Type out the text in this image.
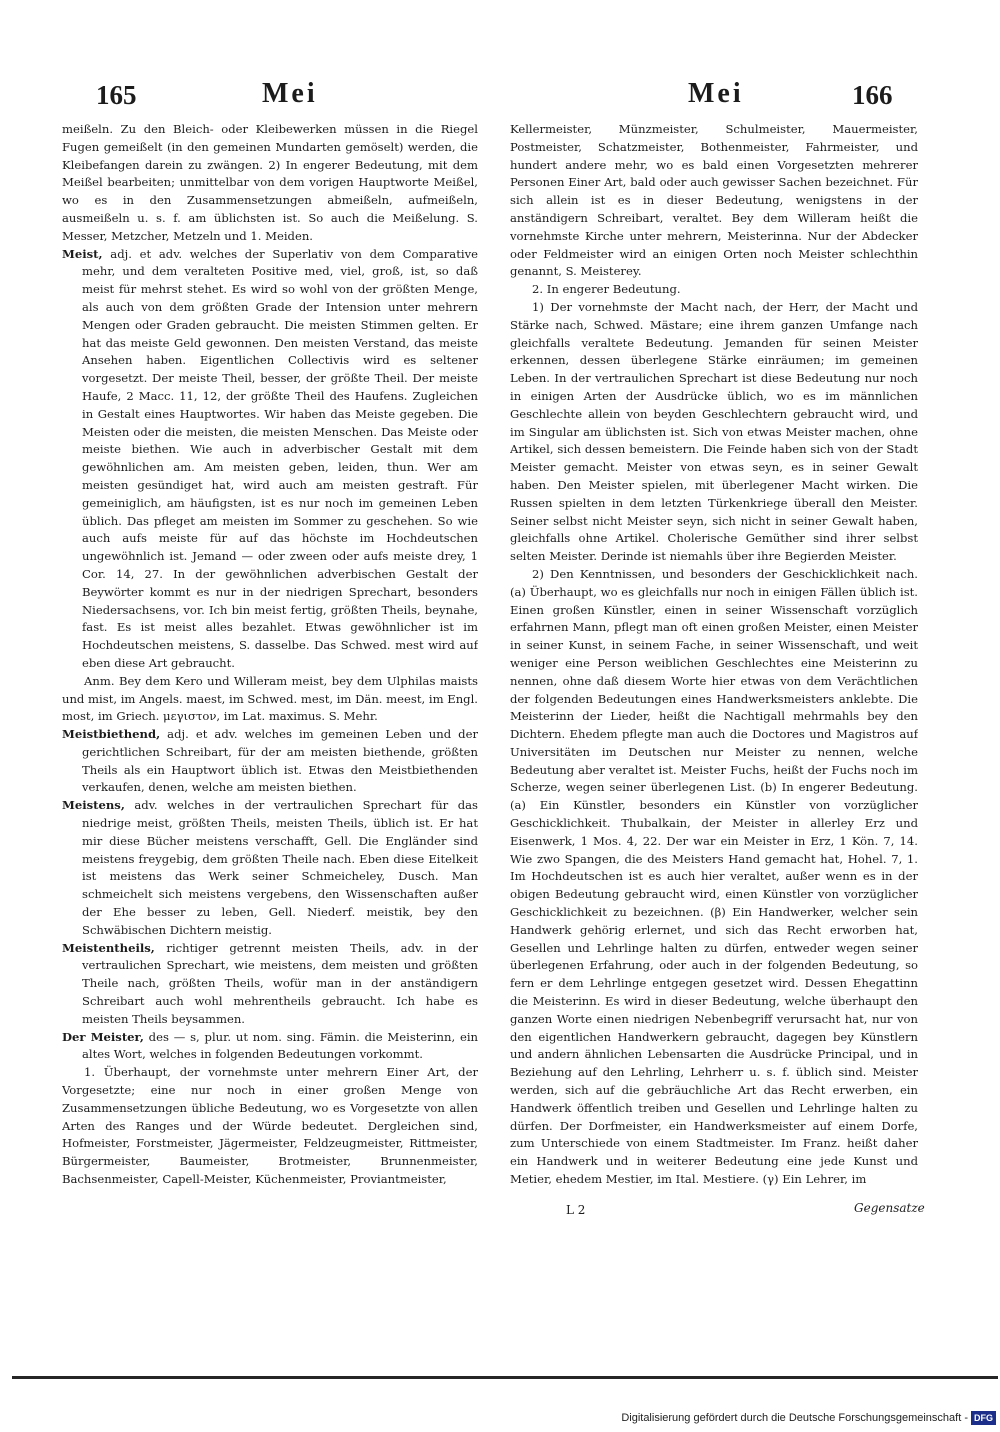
165	Mei	Mei	166

meißeln. Zu den Bleich- oder Kleibewerken müssen in die Riegel Fugen gemeißelt (in den gemeinen Mundarten gemöselt) werden, die Kleibefangen darein zu zwängen. 2) In engerer Bedeutung, mit dem Meißel bearbeiten; unmittelbar von dem vorigen Hauptworte Meißel, wo es in den Zusammensetzungen abmeißeln, aufmeißeln, ausmeißeln u. s. f. am üblichsten ist. So auch die Meißelung. S. Messer, Metzcher, Metzeln und 1. Meiden.

Meist, adj. et adv. welches der Superlativ von dem Comparative mehr, und dem veralteten Positive med, viel, groß, ist, so daß meist für mehrst stehet. Es wird so wohl von der größten Menge, als auch von dem größten Grade der Intension unter mehrern Mengen oder Graden gebraucht. Die meisten Stimmen gelten. Er hat das meiste Geld gewonnen. Den meisten Verstand, das meiste Ansehen haben. Eigentlichen Collectivis wird es seltener vorgesetzt. Der meiste Theil, besser, der größte Theil. Der meiste Haufe, 2 Macc. 11, 12, der größte Theil des Haufens. Zugleichen in Gestalt eines Hauptwortes. Wir haben das Meiste gegeben. Die Meisten oder die meisten, die meisten Menschen. Das Meiste oder meiste biethen. Wie auch in adverbischer Gestalt mit dem gewöhnlichen am. Am meisten geben, leiden, thun. Wer am meisten gesündiget hat, wird auch am meisten gestraft. Für gemeiniglich, am häufigsten, ist es nur noch im gemeinen Leben üblich. Das pfleget am meisten im Sommer zu geschehen. So wie auch aufs meiste für auf das höchste im Hochdeutschen ungewöhnlich ist. Jemand — oder zween oder aufs meiste drey, 1 Cor. 14, 27. In der gewöhnlichen adverbischen Gestalt der Beywörter kommt es nur in der niedrigen Sprechart, besonders Niedersachsens, vor. Ich bin meist fertig, größten Theils, beynahe, fast. Es ist meist alles bezahlet. Etwas gewöhnlicher ist im Hochdeutschen meistens, S. dasselbe. Das Schwed. mest wird auf eben diese Art gebraucht.

Anm. Bey dem Kero und Willeram meist, bey dem Ulphilas maists und mist, im Angels. maest, im Schwed. mest, im Dän. meest, im Engl. most, im Griech. μεγιστον, im Lat. maximus. S. Mehr.

Meistbiethend, adj. et adv. welches im gemeinen Leben und der gerichtlichen Schreibart, für der am meisten biethende, größten Theils als ein Hauptwort üblich ist. Etwas den Meistbiethenden verkaufen, denen, welche am meisten biethen.

Meistens, adv. welches in der vertraulichen Sprechart für das niedrige meist, größten Theils, meisten Theils, üblich ist. Er hat mir diese Bücher meistens verschafft, Gell. Die Engländer sind meistens freygebig, dem größten Theile nach. Eben diese Eitelkeit ist meistens das Werk seiner Schmeicheley, Dusch. Man schmeichelt sich meistens vergebens, den Wissenschaften außer der Ehe besser zu leben, Gell. Niederf. meistik, bey den Schwäbischen Dichtern meistig.

Meistentheils, richtiger getrennt meisten Theils, adv. in der vertraulichen Sprechart, wie meistens, dem meisten und größten Theile nach, größten Theils, wofür man in der anständigern Schreibart auch wohl mehrentheils gebraucht. Ich habe es meisten Theils beysammen.

Der Meister, des — s, plur. ut nom. sing. Fämin. die Meisterinn, ein altes Wort, welches in folgenden Bedeutungen vorkommt.

1. Überhaupt, der vornehmste unter mehrern Einer Art, der Vorgesetzte; eine nur noch in einer großen Menge von Zusammensetzungen übliche Bedeutung, wo es Vorgesetzte von allen Arten des Ranges und der Würde bedeutet. Dergleichen sind, Hofmeister, Forstmeister, Jägermeister, Feldzeugmeister, Rittmeister, Bürgermeister, Baumeister, Brotmeister, Brunnenmeister, Bachsenmeister, Capell-Meister, Küchenmeister, Proviantmeister,

Kellermeister, Münzmeister, Schulmeister, Mauermeister, Postmeister, Schatzmeister, Bothenmeister, Fahrmeister, und hundert andere mehr, wo es bald einen Vorgesetzten mehrerer Personen Einer Art, bald oder auch gewisser Sachen bezeichnet. Für sich allein ist es in dieser Bedeutung, wenigstens in der anständigern Schreibart, veraltet. Bey dem Willeram heißt die vornehmste Kirche unter mehrern, Meisterinna. Nur der Abdecker oder Feldmeister wird an einigen Orten noch Meister schlechthin genannt, S. Meisterey.

2. In engerer Bedeutung.

1) Der vornehmste der Macht nach, der Herr, der Macht und Stärke nach, Schwed. Mästare; eine ihrem ganzen Umfange nach gleichfalls veraltete Bedeutung. Jemanden für seinen Meister erkennen, dessen überlegene Stärke einräumen; im gemeinen Leben. In der vertraulichen Sprechart ist diese Bedeutung nur noch in einigen Arten der Ausdrücke üblich, wo es im männlichen Geschlechte allein von beyden Geschlechtern gebraucht wird, und im Singular am üblichsten ist. Sich von etwas Meister machen, ohne Artikel, sich dessen bemeistern. Die Feinde haben sich von der Stadt Meister gemacht. Meister von etwas seyn, es in seiner Gewalt haben. Den Meister spielen, mit überlegener Macht wirken. Die Russen spielten in dem letzten Türkenkriege überall den Meister. Seiner selbst nicht Meister seyn, sich nicht in seiner Gewalt haben, gleichfalls ohne Artikel. Cholerische Gemüther sind ihrer selbst selten Meister. Derinde ist niemahls über ihre Begierden Meister.

2) Den Kenntnissen, und besonders der Geschicklichkeit nach. (a) Überhaupt, wo es gleichfalls nur noch in einigen Fällen üblich ist. Einen großen Künstler, einen in seiner Wissenschaft vorzüglich erfahrnen Mann, pflegt man oft einen großen Meister, einen Meister in seiner Kunst, in seinem Fache, in seiner Wissenschaft, und weit weniger eine Person weiblichen Geschlechtes eine Meisterinn zu nennen, ohne daß diesem Worte hier etwas von dem Verächtlichen der folgenden Bedeutungen eines Handwerksmeisters anklebte. Die Meisterinn der Lieder, heißt die Nachtigall mehrmahls bey den Dichtern. Ehedem pflegte man auch die Doctores und Magistros auf Universitäten im Deutschen nur Meister zu nennen, welche Bedeutung aber veraltet ist. Meister Fuchs, heißt der Fuchs noch im Scherze, wegen seiner überlegenen List. (b) In engerer Bedeutung. (a) Ein Künstler, besonders ein Künstler von vorzüglicher Geschicklichkeit. Thubalkain, der Meister in allerley Erz und Eisenwerk, 1 Mos. 4, 22. Der war ein Meister in Erz, 1 Kön. 7, 14. Wie zwo Spangen, die des Meisters Hand gemacht hat, Hohel. 7, 1. Im Hochdeutschen ist es auch hier veraltet, außer wenn es in der obigen Bedeutung gebraucht wird, einen Künstler von vorzüglicher Geschicklichkeit zu bezeichnen. (β) Ein Handwerker, welcher sein Handwerk gehörig erlernet, und sich das Recht erworben hat, Gesellen und Lehrlinge halten zu dürfen, entweder wegen seiner überlegenen Erfahrung, oder auch in der folgenden Bedeutung, so fern er dem Lehrlinge entgegen gesetzet wird. Dessen Ehegattinn die Meisterinn. Es wird in dieser Bedeutung, welche überhaupt den ganzen Worte einen niedrigen Nebenbegriff verursacht hat, nur von den eigentlichen Handwerkern gebraucht, dagegen bey Künstlern und andern ähnlichen Lebensarten die Ausdrücke Principal, und in Beziehung auf den Lehrling, Lehrherr u. s. f. üblich sind. Meister werden, sich auf die gebräuchliche Art das Recht erwerben, ein Handwerk öffentlich treiben und Gesellen und Lehrlinge halten zu dürfen. Der Dorfmeister, ein Handwerksmeister auf einem Dorfe, zum Unterschiede von einem Stadtmeister. Im Franz. heißt daher ein Handwerk und in weiterer Bedeutung eine jede Kunst und Metier, ehedem Mestier, im Ital. Mestiere. (γ) Ein Lehrer, im

L 2	Gegensatze
Digitalisierung gefördert durch die Deutsche Forschungsgemeinschaft - DFG
